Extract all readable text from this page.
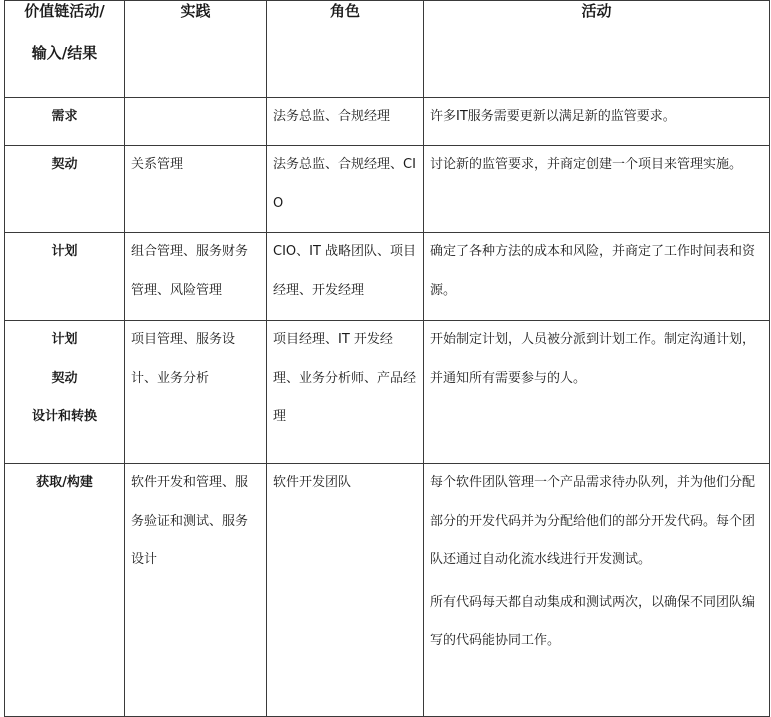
价值链活动/
输入/结果	实践	角色	活动

需求		法务总监、合规经理	许多IT服务需要更新以满足新的监管要求。

契动	关系管理	法务总监、合规经理、CIO	讨论新的监管要求，并商定创建一个项目来管理实施。

计划	组合管理、服务财务管理、风险管理	CIO、IT 战略团队、项目经理、开发经理	确定了各种方法的成本和风险，并商定了工作时间表和资源。

计划
契动
设计和转换	项目管理、服务设计、业务分析	项目经理、IT 开发经理、业务分析师、产品经理	开始制定计划，人员被分派到计划工作。制定沟通计划，并通知所有需要参与的人。

获取/构建	软件开发和管理、服务验证和测试、服务设计	软件开发团队	每个软件团队管理一个产品需求待办队列，并为他们分配部分的开发代码并为分配给他们的部分开发代码。每个团队还通过自动化流水线进行开发测试。
所有代码每天都自动集成和测试两次，以确保不同团队编写的代码能协同工作。
